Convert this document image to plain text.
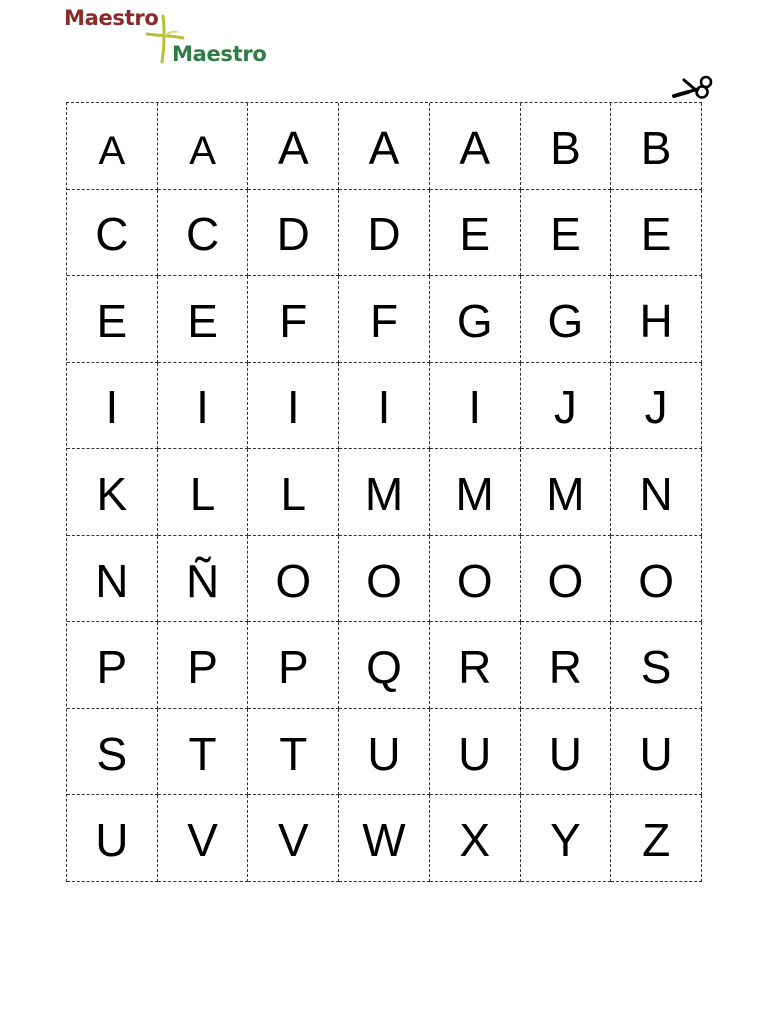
Maestro
Maestro
A	A	A	A	A	B	B
C	C	D	D	E	E	E
E	E	F	F	G	G	H
I	I	I	I	I	J	J
K	L	L	M	M	M	N
N	Ñ	O	O	O	O	O
P	P	P	Q	R	R	S
S	T	T	U	U	U	U
U	V	V	W	X	Y	Z
